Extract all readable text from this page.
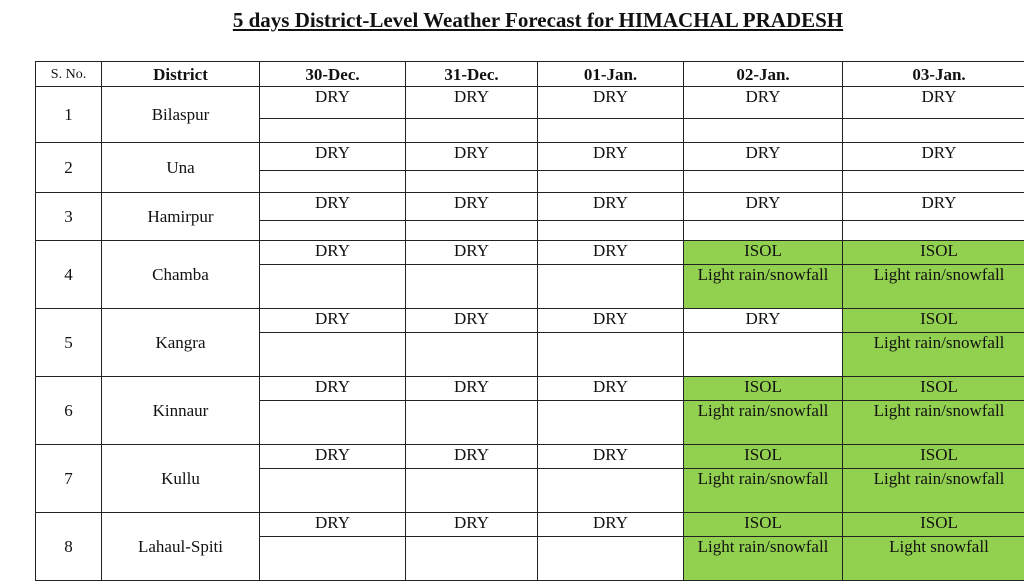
5 days District-Level Weather Forecast for HIMACHAL PRADESH
S. No.	District	30-Dec.	31-Dec.	01-Jan.	02-Jan.	03-Jan.
1	Bilaspur	DRY	DRY	DRY	DRY	DRY

2	Una	DRY	DRY	DRY	DRY	DRY

3	Hamirpur	DRY	DRY	DRY	DRY	DRY

4	Chamba	DRY	DRY	DRY	ISOL	ISOL
					Light rain/snowfall	Light rain/snowfall
5	Kangra	DRY	DRY	DRY	DRY	ISOL
						Light rain/snowfall
6	Kinnaur	DRY	DRY	DRY	ISOL	ISOL
					Light rain/snowfall	Light rain/snowfall
7	Kullu	DRY	DRY	DRY	ISOL	ISOL
					Light rain/snowfall	Light rain/snowfall
8	Lahaul-Spiti	DRY	DRY	DRY	ISOL	ISOL
					Light rain/snowfall	Light snowfall
